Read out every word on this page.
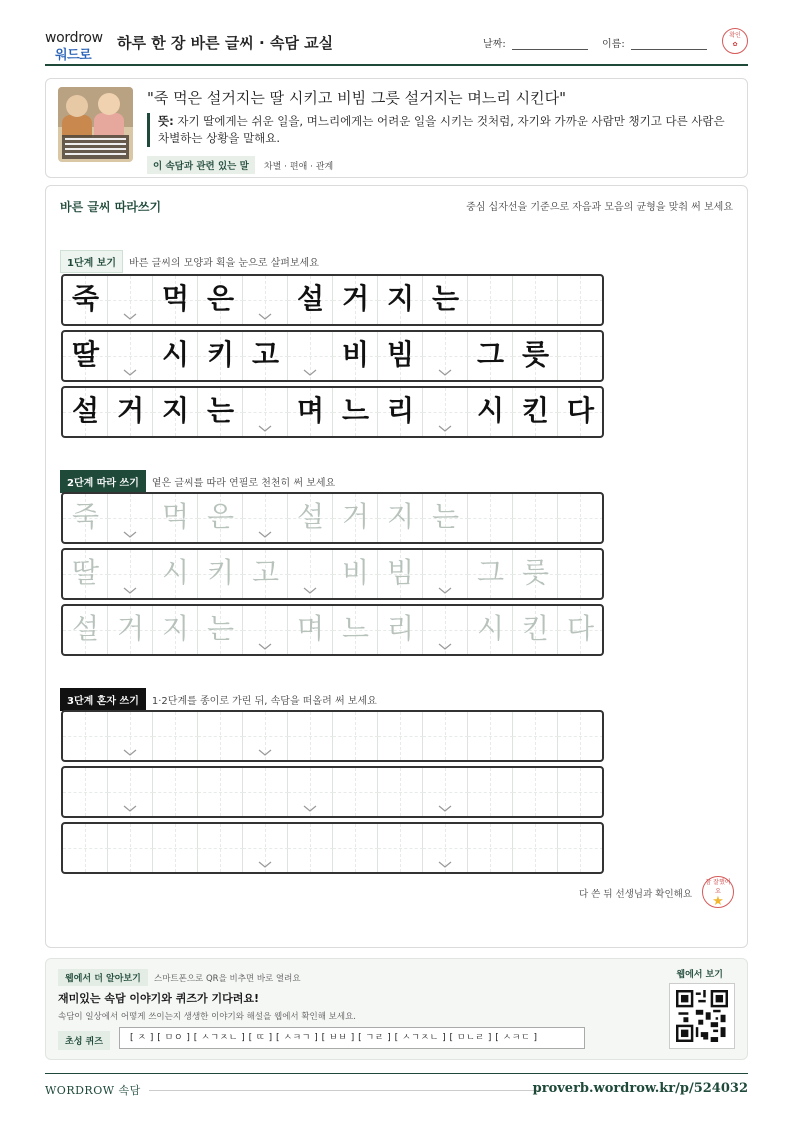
wordrow
워드로
하루 한 장 바른 글씨 · 속담 교실	날짜:	이름:
확인
✿
"죽 먹은 설거지는 딸 시키고 비빔 그릇 설거지는 며느리 시킨다"
뜻: 자기 딸에게는 쉬운 일을, 며느리에게는 어려운 일을 시키는 것처럼, 자기와 가까운 사람만 챙기고 다른 사람은 차별하는 상황을 말해요.
이 속담과 관련 있는 말 차별 · 편애 · 관계
바른 글씨 따라쓰기	중심 십자선을 기준으로 자음과 모음의 균형을 맞춰 써 보세요
1단계 보기 바른 글씨의 모양과 획을 눈으로 살펴보세요
2단계 따라 쓰기 옅은 글씨를 따라 연필로 천천히 써 보세요
3단계 혼자 쓰기 1·2단계를 종이로 가린 뒤, 속담을 떠올려 써 보세요
다 쓴 뒤 선생님과 확인해요
참 잘했어요
★
죽	먹 은	설 거 지 는
딸	시 키 고	비 빔	그 릇
설 거 지 는	며 느 리	시 킨 다
죽	먹 은	설 거 지 는
딸	시 키 고	비 빔	그 릇
설 거 지 는	며 느 리	시 킨 다
웹에서 더 알아보기	스마트폰으로 QR을 비추면 바로 열려요
재미있는 속담 이야기와 퀴즈가 기다려요!
속담이 일상에서 어떻게 쓰이는지 생생한 이야기와 해설을 웹에서 확인해 보세요.
초성 퀴즈	[ ㅈ ] [ ㅁㅇ ] [ ㅅㄱㅈㄴ ] [ ㄸ ] [ ㅅㅋㄱ ] [ ㅂㅂ ] [ ㄱㄹ ] [ ㅅㄱㅈㄴ ] [ ㅁㄴㄹ ] [ ㅅㅋㄷ ]
웹에서 보기
WORDROW 속담	proverb.wordrow.kr/p/524032
